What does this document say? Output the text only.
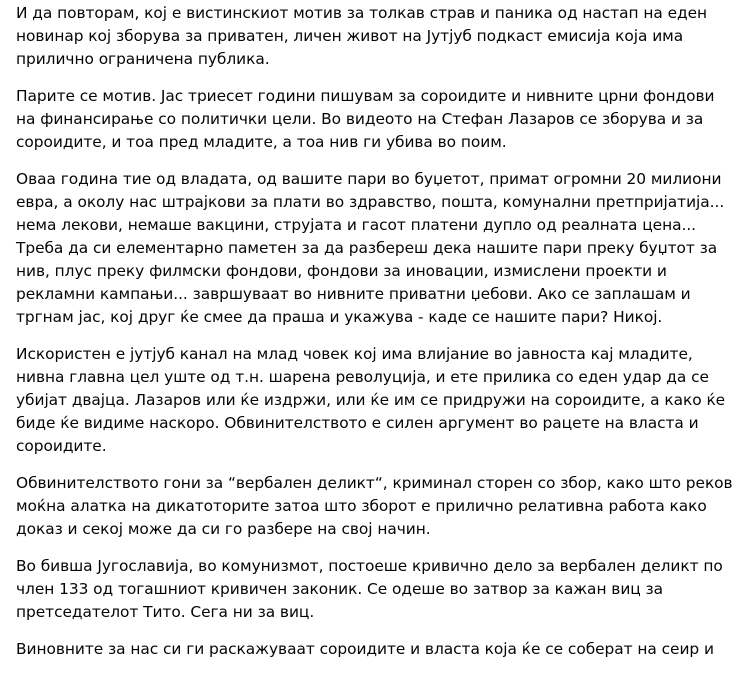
И да повторам, кој е вистинскиот мотив за толкав страв и паника од настап на еден новинар кој зборува за приватен, личен живот на Јутјуб подкаст емисија која има прилично ограничена публика.

Парите се мотив. Јас триесет години пишувам за сороидите и нивните црни фондови на финансирање со политички цели. Во видеото на Стефан Лазаров се зборува и за сороидите, и тоа пред младите, а тоа нив ги убива во поим.

Оваа година тие од владата, од вашите пари во буџетот, примат огромни 20 милиони евра, а околу нас штрајкови за плати во здравство, пошта, комунални претпријатија... нема лекови, немаше вакцини, струјата и гасот платени дупло од реалната цена... Треба да си елементарно паметен за да разбереш дека нашите пари преку буџтот за нив, плус преку филмски фондови, фондови за иновации, измислени проекти и рекламни кампањи... завршуваат во нивните приватни џебови. Ако се заплашам и тргнам јас, кој друг ќе смее да праша и укажува - каде се нашите пари? Никој.

Искористен е јутјуб канал на млад човек кој има влијание во јавноста кај младите, нивна главна цел уште од т.н. шарена револуција, и ете прилика со еден удар да се убијат двајца. Лазаров или ќе издржи, или ќе им се придружи на сороидите, а како ќе биде ќе видиме наскоро. Обвинителството е силен аргумент во рацете на власта и сороидите.

Обвинителството гони за “вербален деликт“, криминал сторен со збор, како што реков моќна алатка на дикатоторите затоа што зборот е прилично релативна работа како доказ и секој може да си го разбере на свој начин.

Во бивша Југославија, во комунизмот, постоеше кривично дело за вербален деликт по член 133 од тогашниот кривичен законик. Се одеше во затвор за кажан виц за претседателот Тито. Сега ни за виц.

Виновните за нас си ги раскажуваат сороидите и власта која ќе се соберат на сеир и
